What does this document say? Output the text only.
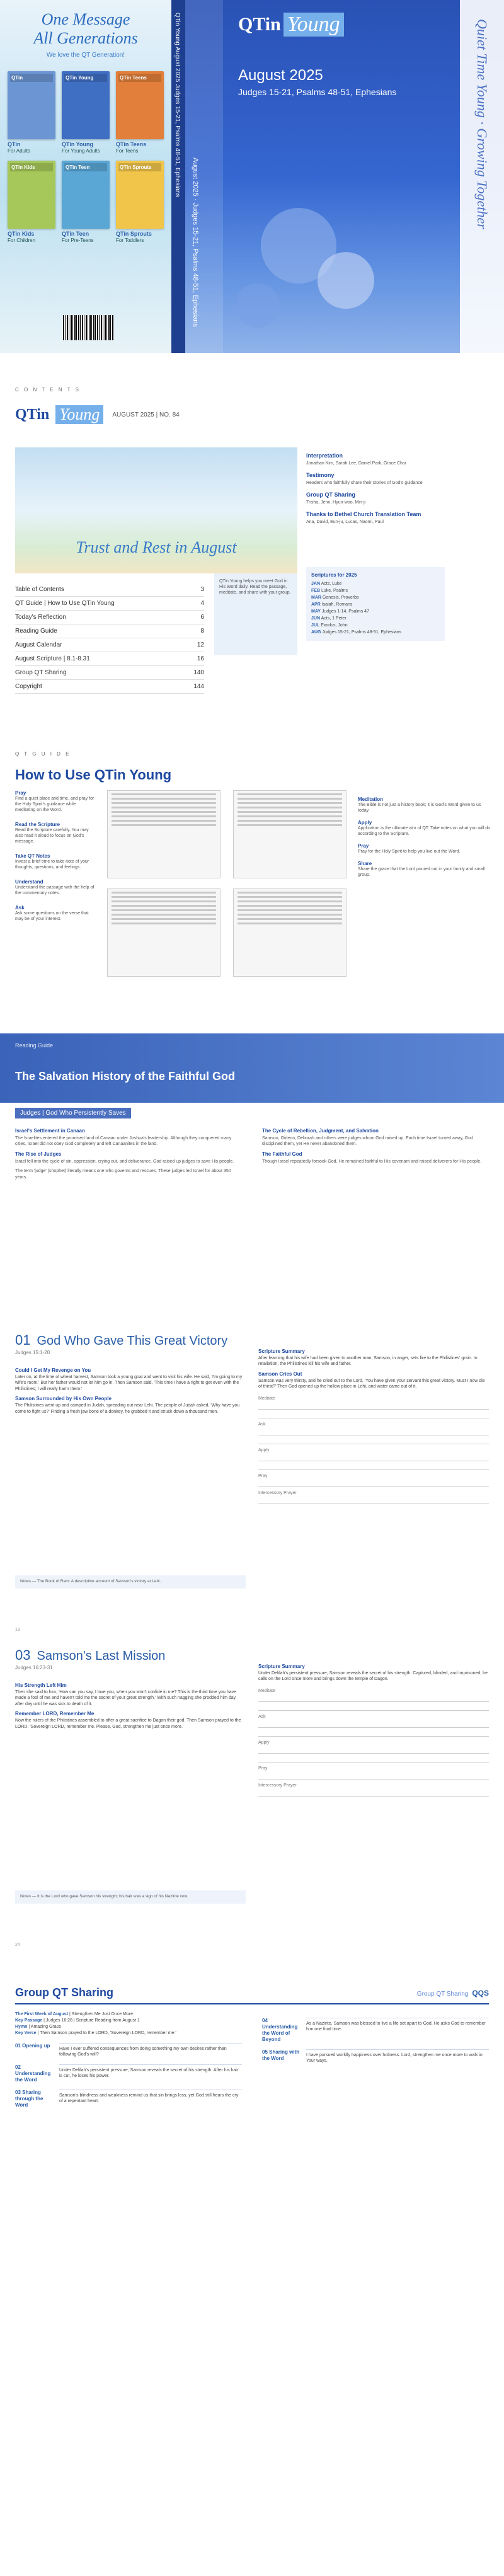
One Message
All Generations
We love the QT Generation!
QTin
QTin
For Adults
QTin Young
QTin Young
For Young Adults
QTin Teens
QTin Teens
For Teens
QTin Kids
QTin Kids
For Children
QTin Teen
QTin Teen
For Pre-Teens
QTin Sprouts
QTin Sprouts
For Toddlers
QTin Young August 2025 Judges 15-21, Psalms 48-51, Ephesians
August 2025 · Judges 15-21, Psalms 48-51, Ephesians
QTin Young
August 2025
Judges 15-21, Psalms 48-51, Ephesians	Quiet Time Young · Growing Together
C O N T E N T S
QTin Young	AUGUST 2025 | NO. 84
Trust and Rest in August
Table of Contents	3
QT Guide | How to Use QTin Young	4
Today's Reflection	6
Reading Guide	8
August Calendar	12
August Scripture | 8.1-8.31	16
Group QT Sharing	140
Copyright	144
QTin Young helps you meet God in His Word daily. Read the passage, meditate, and share with your group.
Interpretation

Jonathan Kim, Sarah Lee, Daniel Park, Grace Choi

Testimony

Readers who faithfully share their stories of God's guidance

Group QT Sharing

Trisha, Jenn, Hyun-woo, Min-ji

Thanks to Bethel Church Translation Team

Ana, David, Eun-ju, Lucas, Naomi, Paul

Scriptures for 2025
JAN Acts, Luke
FEB Luke, Psalms
MAR Genesis, Proverbs
APR Isaiah, Romans
MAY Judges 1-14, Psalms 47
JUN Acts, 1 Peter
JUL Exodus, John
AUG Judges 15-21, Psalms 48-51, Ephesians
Q T G U I D E
How to Use QTin Young
Pray

Find a quiet place and time, and pray for the Holy Spirit's guidance while meditating on the Word.

Read the Scripture

Read the Scripture carefully. You may also read it aloud to focus on God's message.

Take QT Notes

Invest a brief time to take note of your thoughts, questions, and feelings.

Understand

Understand the passage with the help of the commentary notes.

Ask

Ask some questions on the verse that may be of your interest.

Meditation

The Bible is not just a history book; it is God's Word given to us today.

Apply

Application is the ultimate aim of QT. Take notes on what you will do according to the Scripture.

Pray

Pray for the Holy Spirit to help you live out the Word.

Share

Share the grace that the Lord poured out in your family and small group.

Reading Guide
The Salvation History of the Faithful God
Judges | God Who Persistently Saves
Israel's Settlement in Canaan

The Israelites entered the promised land of Canaan under Joshua's leadership. Although they conquered many cities, Israel did not obey God completely and left Canaanites in the land.

The Rise of Judges

Israel fell into the cycle of sin, oppression, crying out, and deliverance. God raised up judges to save His people.

The term 'judge' (shophet) literally means one who governs and rescues. These judges led Israel for about 350 years.

The Cycle of Rebellion, Judgment, and Salvation

Samson, Gideon, Deborah and others were judges whom God raised up. Each time Israel turned away, God disciplined them, yet He never abandoned them.

The Faithful God

Though Israel repeatedly forsook God, He remained faithful to His covenant and raised deliverers for His people.

01 God Who Gave This Great Victory
Judges 15:1-20
Could I Get My Revenge on You

Later on, at the time of wheat harvest, Samson took a young goat and went to visit his wife. He said, 'I'm going to my wife's room.' But her father would not let him go in. Then Samson said, 'This time I have a right to get even with the Philistines; I will really harm them.'

Samson Surrounded by His Own People

The Philistines went up and camped in Judah, spreading out near Lehi. The people of Judah asked, 'Why have you come to fight us?' Finding a fresh jaw bone of a donkey, he grabbed it and struck down a thousand men.

Notes — The Book of Ram: A descriptive account of Samson's victory at Lehi.
Scripture Summary

After learning that his wife had been given to another man, Samson, in anger, sets fire to the Philistines' grain. In retaliation, the Philistines kill his wife and father.

Samson Cries Out

Samson was very thirsty, and he cried out to the Lord, 'You have given your servant this great victory. Must I now die of thirst?' Then God opened up the hollow place in Lehi, and water came out of it.

Meditate
Ask
Apply
Pray
Intercessory Prayer
18
03 Samson's Last Mission
Judges 16:23-31
His Strength Left Him

Then she said to him, 'How can you say, I love you, when you won't confide in me? This is the third time you have made a fool of me and haven't told me the secret of your great strength.' With such nagging she prodded him day after day until he was sick to death of it.

Remember LORD, Remember Me

Now the rulers of the Philistines assembled to offer a great sacrifice to Dagon their god. Then Samson prayed to the LORD, 'Sovereign LORD, remember me. Please, God, strengthen me just once more.'

Notes — It is the Lord who gave Samson his strength; his hair was a sign of his Nazirite vow.
Scripture Summary

Under Delilah's persistent pressure, Samson reveals the secret of his strength. Captured, blinded, and imprisoned, he calls on the Lord once more and brings down the temple of Dagon.

Meditate
Ask
Apply
Pray
Intercessory Prayer
24
Group QT Sharing	Group QT Sharing QQS
The First Week of August | Strengthen Me Just Once More
Key Passage | Judges 16:28 | Scripture Reading from August 1
Hymn | Amazing Grace
Key Verse | Then Samson prayed to the LORD, 'Sovereign LORD, remember me.'
01 Opening up
Have I ever suffered consequences from doing something my own desires rather than following God's will?
02 Understanding the Word
Under Delilah's persistent pressure, Samson reveals the secret of his strength. After his hair is cut, he loses his power.
03 Sharing through the Word
Samson's blindness and weakness remind us that sin brings loss, yet God still hears the cry of a repentant heart.
04 Understanding the Word of Beyond
As a Nazirite, Samson was blessed to live a life set apart to God. He asks God to remember him one final time.
05 Sharing with the Word
I have pursued worldly happiness over holiness. Lord, strengthen me once more to walk in Your ways.
